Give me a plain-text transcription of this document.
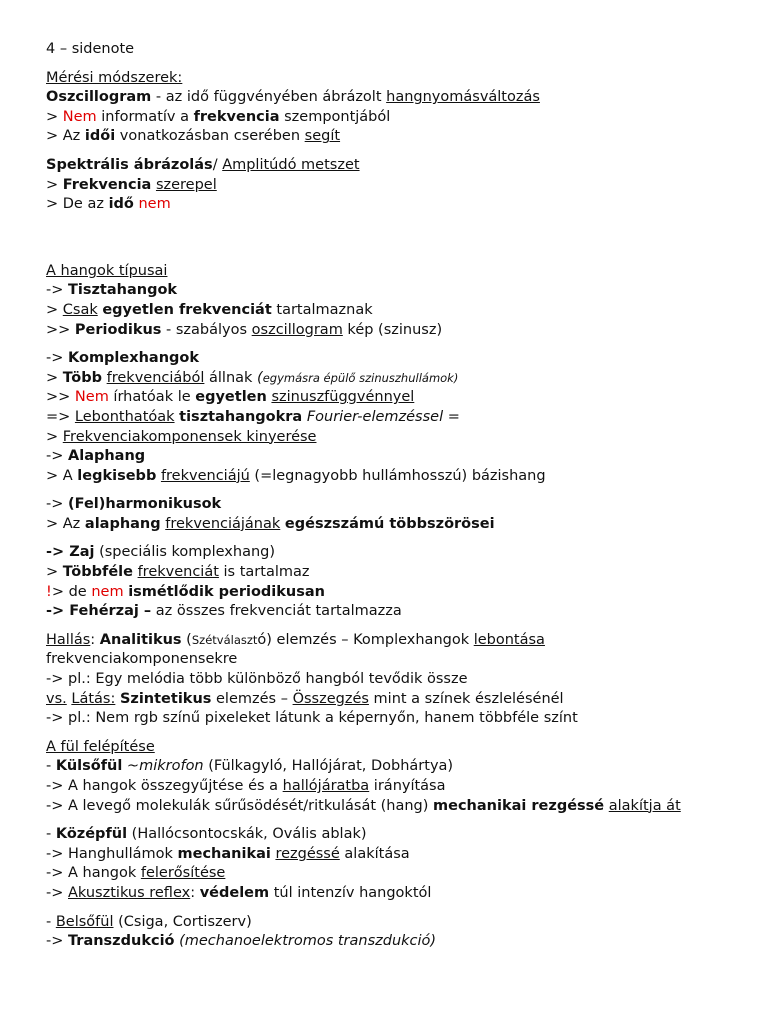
4 – sidenote
Mérési módszerek:
Oszcillogram - az idő függvényében ábrázolt hangnyomásváltozás
> Nem informatív a frekvencia szempontjából
> Az idői vonatkozásban cserében segít
Spektrális ábrázolás/ Amplitúdó metszet
> Frekvencia szerepel
> De az idő nem
A hangok típusai
-> Tisztahangok
> Csak egyetlen frekvenciát tartalmaznak
>> Periodikus - szabályos oszcillogram kép (szinusz)
-> Komplexhangok
> Több frekvenciából állnak (egymásra épülő szinuszhullámok)
>> Nem írhatóak le egyetlen szinuszfüggvénnyel
=> Lebonthatóak tisztahangokra Fourier-elemzéssel =
> Frekvenciakomponensek kinyerése
-> Alaphang
> A legkisebb frekvenciájú (=legnagyobb hullámhosszú) bázishang
-> (Fel)harmonikusok
> Az alaphang frekvenciájának egészszámú többszörösei
-> Zaj (speciális komplexhang)
> Többféle frekvenciát is tartalmaz
!> de nem ismétlődik periodikusan
-> Fehérzaj – az összes frekvenciát tartalmazza
Hallás: Analitikus (Szétválasztó) elemzés – Komplexhangok lebontása
frekvenciakomponensekre
-> pl.: Egy melódia több különböző hangból tevődik össze
vs. Látás: Szintetikus elemzés – Összegzés mint a színek észlelésénél
-> pl.: Nem rgb színű pixeleket látunk a képernyőn, hanem többféle színt
A fül felépítése
- Külsőfül ~mikrofon (Fülkagyló, Hallójárat, Dobhártya)
-> A hangok összegyűjtése és a hallójáratba irányítása
-> A levegő molekulák sűrűsödését/ritkulását (hang) mechanikai rezgéssé alakítja át
- Középfül (Hallócsontocskák, Ovális ablak)
-> Hanghullámok mechanikai rezgéssé alakítása
-> A hangok felerősítése
-> Akusztikus reflex: védelem túl intenzív hangoktól
- Belsőfül (Csiga, Cortiszerv)
-> Transzdukció (mechanoelektromos transzdukció)
